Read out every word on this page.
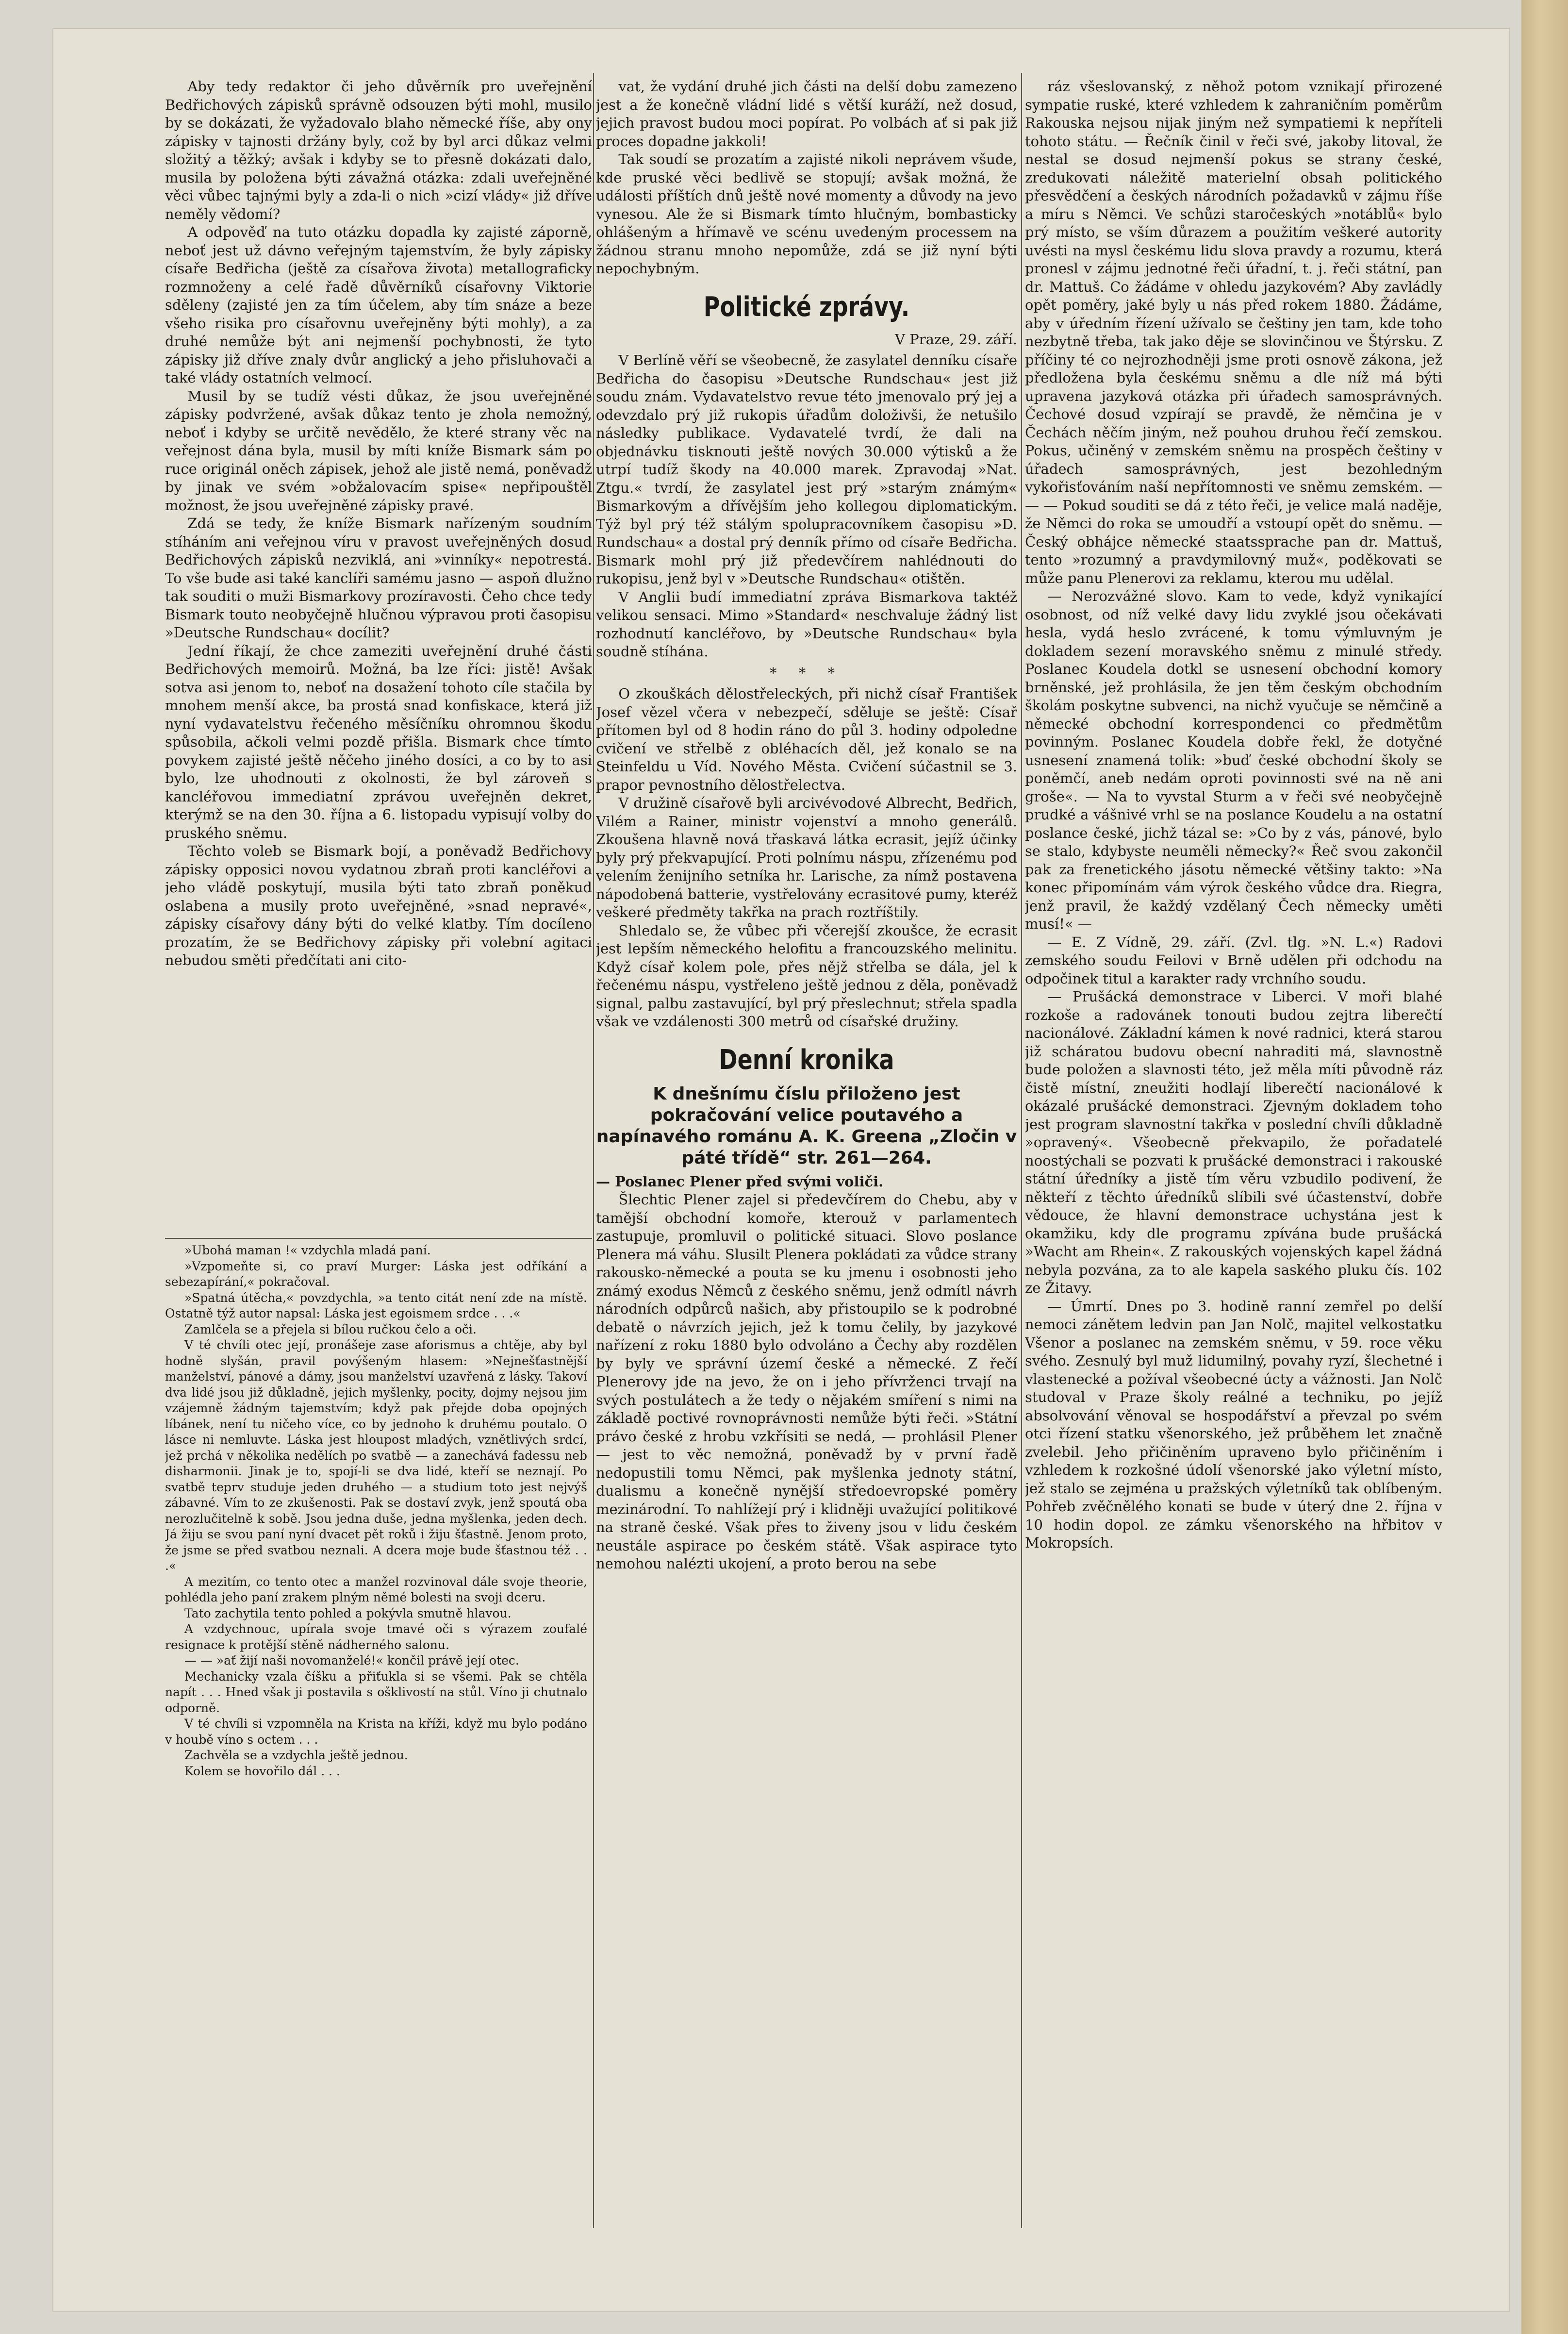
Aby tedy redaktor či jeho důvěrník pro uveřejnění Bedřichových zápisků správně odsouzen býti mohl, musilo by se dokázati, že vyžadovalo blaho německé říše, aby ony zápisky v tajnosti držány byly, což by byl arci důkaz velmi složitý a těžký; avšak i kdyby se to přesně dokázati dalo, musila by položena býti závažná otázka: zdali uveřejněné věci vůbec tajnými byly a zda-li o nich »cizí vlády« již dříve neměly vědomí?

A odpověď na tuto otázku dopadla ky zajisté záporně, neboť jest už dávno veřejným tajemstvím, že byly zápisky císaře Bedřicha (ještě za císařova života) metallograficky rozmnoženy a celé řadě důvěrníků císařovny Viktorie sděleny (zajisté jen za tím účelem, aby tím snáze a beze všeho risika pro císařovnu uveřejněny býti mohly), a za druhé nemůže být ani nejmenší pochybnosti, že tyto zápisky již dříve znaly dvůr anglický a jeho přisluhovači a také vlády ostatních velmocí.

Musil by se tudíž vésti důkaz, že jsou uveřejněné zápisky podvržené, avšak důkaz tento je zhola nemožný, neboť i kdyby se určitě nevědělo, že které strany věc na veřejnost dána byla, musil by míti kníže Bismark sám po ruce originál oněch zápisek, jehož ale jistě nemá, poněvadž by jinak ve svém »obžalovacím spise« nepřipouštěl možnost, že jsou uveřejněné zápisky pravé.

Zdá se tedy, že kníže Bismark nařízeným soudním stíháním ani veřejnou víru v pravost uveřejněných dosud Bedřichových zápisků nezviklá, ani »vinníky« nepotrestá. To vše bude asi také kanclíři samému jasno — aspoň dlužno tak souditi o muži Bismarkovy prozíravosti. Čeho chce tedy Bismark touto neobyčejně hlučnou výpravou proti časopisu »Deutsche Rundschau« docílit?

Jední říkají, že chce zameziti uveřejnění druhé části Bedřichových memoirů. Možná, ba lze říci: jistě! Avšak sotva asi jenom to, neboť na dosažení tohoto cíle stačila by mnohem menší akce, ba prostá snad konfiskace, která již nyní vydavatelstvu řečeného měsíčníku ohromnou škodu spůsobila, ačkoli velmi pozdě přišla. Bismark chce tímto povykem zajisté ještě něčeho jiného dosíci, a co by to asi bylo, lze uhodnouti z okolnosti, že byl zároveň s kancléřovou immediatní zprávou uveřejněn dekret, kterýmž se na den 30. října a 6. listopadu vypisují volby do pruského sněmu.

Těchto voleb se Bismark bojí, a poněvadž Bedřichovy zápisky opposici novou vydatnou zbraň proti kancléřovi a jeho vládě poskytují, musila býti tato zbraň poněkud oslabena a musily proto uveřejněné, »snad nepravé«, zápisky císařovy dány býti do velké klatby. Tím docíleno prozatím, že se Bedřichovy zápisky při volební agitaci nebudou směti předčítati ani cito-

»Ubohá maman !« vzdychla mladá paní.

»Vzpomeňte si, co praví Murger: Láska jest odříkání a sebezapírání,« pokračoval.

»Spatná útěcha,« povzdychla, »a tento citát není zde na místě. Ostatně týž autor napsal: Láska jest egoismem srdce . . .«

Zamlčela se a přejela si bílou ručkou čelo a oči.

V té chvíli otec její, pronášeje zase aforismus a chtěje, aby byl hodně slyšán, pravil povýšeným hlasem: »Nejnešťastnější manželství, pánové a dámy, jsou manželství uzavřená z lásky. Takoví dva lidé jsou již důkladně, jejich myšlenky, pocity, dojmy nejsou jim vzájemně žádným tajemstvím; když pak přejde doba opojných líbánek, není tu ničeho více, co by jednoho k druhému poutalo. O lásce ni nemluvte. Láska jest hloupost mladých, vznětlivých srdcí, jež prchá v několika nedělích po svatbě — a zanechává fadessu neb disharmonii. Jinak je to, spojí-li se dva lidé, kteří se neznají. Po svatbě teprv studuje jeden druhého — a studium toto jest nejvýš zábavné. Vím to ze zkušenosti. Pak se dostaví zvyk, jenž spoutá oba nerozlučitelně k sobě. Jsou jedna duše, jedna myšlenka, jeden dech. Já žiju se svou paní nyní dvacet pět roků i žiju šťastně. Jenom proto, že jsme se před svatbou neznali. A dcera moje bude šťastnou též . . .«

A mezitím, co tento otec a manžel rozvinoval dále svoje theorie, pohlédla jeho paní zrakem plným němé bolesti na svoji dceru.

Tato zachytila tento pohled a pokývla smutně hlavou.

A vzdychnouc, upírala svoje tmavé oči s výrazem zoufalé resignace k protější stěně nádherného salonu.

— — »ať žijí naši novomanželé!« končil právě její otec.

Mechanicky vzala číšku a přiťukla si se všemi. Pak se chtěla napít . . . Hned však ji postavila s ošklivostí na stůl. Víno ji chutnalo odporně.

V té chvíli si vzpomněla na Krista na kříži, když mu bylo podáno v houbě víno s octem . . .

Zachvěla se a vzdychla ještě jednou.

Kolem se hovořilo dál . . .

vat, že vydání druhé jich části na delší dobu zamezeno jest a že konečně vládní lidé s větší kuráží, než dosud, jejich pravost budou moci popírat. Po volbách ať si pak již proces dopadne jakkoli!

Tak soudí se prozatím a zajisté nikoli neprávem všude, kde pruské věci bedlivě se stopují; avšak možná, že události příštích dnů ještě nové momenty a důvody na jevo vynesou. Ale že si Bismark tímto hlučným, bombasticky ohlášeným a hřímavě ve scénu uvedeným processem na žádnou stranu mnoho nepomůže, zdá se již nyní býti nepochybným.

Politické zprávy.

V Praze, 29. září.

V Berlíně věří se všeobecně, že zasylatel denníku císaře Bedřicha do časopisu »Deutsche Rundschau« jest již soudu znám. Vydavatelstvo revue této jmenovalo prý jej a odevzdalo prý již rukopis úřadům doloživši, že netušilo následky publikace. Vydavatelé tvrdí, že dali na objednávku tisknouti ještě nových 30.000 výtisků a že utrpí tudíž škody na 40.000 marek. Zpravodaj »Nat. Ztgu.« tvrdí, že zasylatel jest prý »starým známým« Bismarkovým a dřívějším jeho kollegou diplomatickým. Týž byl prý též stálým spolupracovníkem časopisu »D. Rundschau« a dostal prý denník přímo od císaře Bedřicha. Bismark mohl prý již předevčírem nahlédnouti do rukopisu, jenž byl v »Deutsche Rundschau« otištěn.

V Anglii budí immediatní zpráva Bismarkova taktéž velikou sensaci. Mimo »Standard« neschvaluje žádný list rozhodnutí kancléřovo, by »Deutsche Rundschau« byla soudně stíhána.

* * *

O zkouškách dělostřeleckých, při nichž císař František Josef vězel včera v nebezpečí, sděluje se ještě: Císař přítomen byl od 8 hodin ráno do půl 3. hodiny odpoledne cvičení ve střelbě z obléhacích děl, jež konalo se na Steinfeldu u Víd. Nového Města. Cvičení súčastnil se 3. prapor pevnostního dělostřelectva.

V družině císařově byli arcivévodové Albrecht, Bedřich, Vilém a Rainer, ministr vojenství a mnoho generálů. Zkoušena hlavně nová třaskavá látka ecrasit, jejíž účinky byly prý překvapující. Proti polnímu náspu, zřízenému pod velením ženijního setníka hr. Larische, za nímž postavena nápodobená batterie, vystřelovány ecrasitové pumy, kteréž veškeré předměty takřka na prach roztříštily.

Shledalo se, že vůbec při včerejší zkoušce, že ecrasit jest lepším německého helofitu a francouzského melinitu. Když císař kolem pole, přes nějž střelba se dála, jel k řečenému náspu, vystřeleno ještě jednou z děla, poněvadž signal, palbu zastavující, byl prý přeslechnut; střela spadla však ve vzdálenosti 300 metrů od císařské družiny.

Denní kronika

K dnešnímu číslu přiloženo jest pokračování velice poutavého a napínavého románu A. K. Greena „Zločin v páté třídě“ str. 261—264.

— Poslanec Plener před svými voliči.

Šlechtic Plener zajel si předevčírem do Chebu, aby v tamější obchodní komoře, kterouž v parlamentech zastupuje, promluvil o politické situaci. Slovo poslance Plenera má váhu. Slusilt Plenera pokládati za vůdce strany rakousko-německé a pouta se ku jmenu i osobnosti jeho známý exodus Němců z českého sněmu, jenž odmítl návrh národních odpůrců našich, aby přistoupilo se k podrobné debatě o návrzích jejich, jež k tomu čelily, by jazykové nařízení z roku 1880 bylo odvoláno a Čechy aby rozdělen by byly ve správní území české a německé. Z řečí Plenerovy jde na jevo, že on i jeho přívrženci trvají na svých postulátech a že tedy o nějakém smíření s nimi na základě poctivé rovnoprávnosti nemůže býti řeči. »Státní právo české z hrobu vzkřísiti se nedá, — prohlásil Plener — jest to věc nemožná, poněvadž by v první řadě nedopustili tomu Němci, pak myšlenka jednoty státní, dualismu a konečně nynější středoevropské poměry mezinárodní. To nahlížejí prý i klidněji uvažující politikové na straně české. Však přes to živeny jsou v lidu českém neustále aspirace po českém státě. Však aspirace tyto nemohou nalézti ukojení, a proto berou na sebe

ráz všeslovanský, z něhož potom vznikají přirozené sympatie ruské, které vzhledem k zahraničním poměrům Rakouska nejsou nijak jiným než sympatiemi k nepříteli tohoto státu. — Řečník činil v řeči své, jakoby litoval, že nestal se dosud nejmenší pokus se strany české, zredukovati náležitě materielní obsah politického přesvědčení a českých národních požadavků v zájmu říše a míru s Němci. Ve schůzi staročeských »notáblů« bylo prý místo, se vším důrazem a použitím veškeré autority uvésti na mysl českému lidu slova pravdy a rozumu, která pronesl v zájmu jednotné řeči úřadní, t. j. řeči státní, pan dr. Mattuš. Co žádáme v ohledu jazykovém? Aby zavládly opět poměry, jaké byly u nás před rokem 1880. Žádáme, aby v úředním řízení užívalo se češtiny jen tam, kde toho nezbytně třeba, tak jako děje se slovinčinou ve Štýrsku. Z příčiny té co nejrozhodněji jsme proti osnově zákona, jež předložena byla českému sněmu a dle níž má býti upravena jazyková otázka při úřadech samosprávných. Čechové dosud vzpírají se pravdě, že němčina je v Čechách něčím jiným, než pouhou druhou řečí zemskou. Pokus, učiněný v zemském sněmu na prospěch češtiny v úřadech samosprávných, jest bezohledným vykořisťováním naší nepřítomnosti ve sněmu zemském. — — — Pokud souditi se dá z této řeči, je velice malá naděje, že Němci do roka se umoudří a vstoupí opět do sněmu. — Český obhájce německé staatssprache pan dr. Mattuš, tento »rozumný a pravdymilovný muž«, poděkovati se může panu Plenerovi za reklamu, kterou mu udělal.

— Nerozvážné slovo. Kam to vede, když vynikající osobnost, od níž velké davy lidu zvyklé jsou očekávati hesla, vydá heslo zvrácené, k tomu výmluvným je dokladem sezení moravského sněmu z minulé středy. Poslanec Koudela dotkl se usnesení obchodní komory brněnské, jež prohlásila, že jen těm českým obchodním školám poskytne subvenci, na nichž vyučuje se němčině a německé obchodní korrespondenci co předmětům povinným. Poslanec Koudela dobře řekl, že dotyčné usnesení znamená tolik: »buď české obchodní školy se poněmčí, aneb nedám oproti povinnosti své na ně ani groše«. — Na to vyvstal Sturm a v řeči své neobyčejně prudké a vášnivé vrhl se na poslance Koudelu a na ostatní poslance české, jichž tázal se: »Co by z vás, pánové, bylo se stalo, kdybyste neuměli německy?« Řeč svou zakončil pak za frenetického jásotu německé většiny takto: »Na konec připomínám vám výrok českého vůdce dra. Riegra, jenž pravil, že každý vzdělaný Čech německy uměti musí!« —

— E. Z Vídně, 29. září. (Zvl. tlg. »N. L.«) Radovi zemského soudu Feilovi v Brně udělen při odchodu na odpočinek titul a karakter rady vrchního soudu.

— Prušácká demonstrace v Liberci. V moři blahé rozkoše a radovánek tonouti budou zejtra liberečtí nacionálové. Základní kámen k nové radnici, která starou již scháratou budovu obecní nahraditi má, slavnostně bude položen a slavnosti této, jež měla míti původně ráz čistě místní, zneužiti hodlají liberečtí nacionálové k okázalé prušácké demonstraci. Zjevným dokladem toho jest program slavnostní takřka v poslední chvíli důkladně »opravený«. Všeobecně překvapilo, že pořadatelé noostýchali se pozvati k prušácké demonstraci i rakouské státní úředníky a jistě tím věru vzbudilo podivení, že někteří z těchto úředníků slíbili své účastenství, dobře vědouce, že hlavní demonstrace uchystána jest k okamžiku, kdy dle programu zpívána bude prušácká »Wacht am Rhein«. Z rakouských vojenských kapel žádná nebyla pozvána, za to ale kapela saského pluku čís. 102 ze Žitavy.

— Úmrtí. Dnes po 3. hodině ranní zemřel po delší nemoci zánětem ledvin pan Jan Nolč, majitel velkostatku Všenor a poslanec na zemském sněmu, v 59. roce věku svého. Zesnulý byl muž lidumilný, povahy ryzí, šlechetné i vlastenecké a požíval všeobecné úcty a vážnosti. Jan Nolč studoval v Praze školy reálné a techniku, po jejíž absolvování věnoval se hospodářství a převzal po svém otci řízení statku všenorského, jež průběhem let značně zvelebil. Jeho přičiněním upraveno bylo přičiněním i vzhledem k rozkošné údolí všenorské jako výletní místo, jež stalo se zejména u pražských výletníků tak oblíbeným. Pohřeb zvěčnělého konati se bude v úterý dne 2. října v 10 hodin dopol. ze zámku všenorského na hřbitov v Mokropsích.
